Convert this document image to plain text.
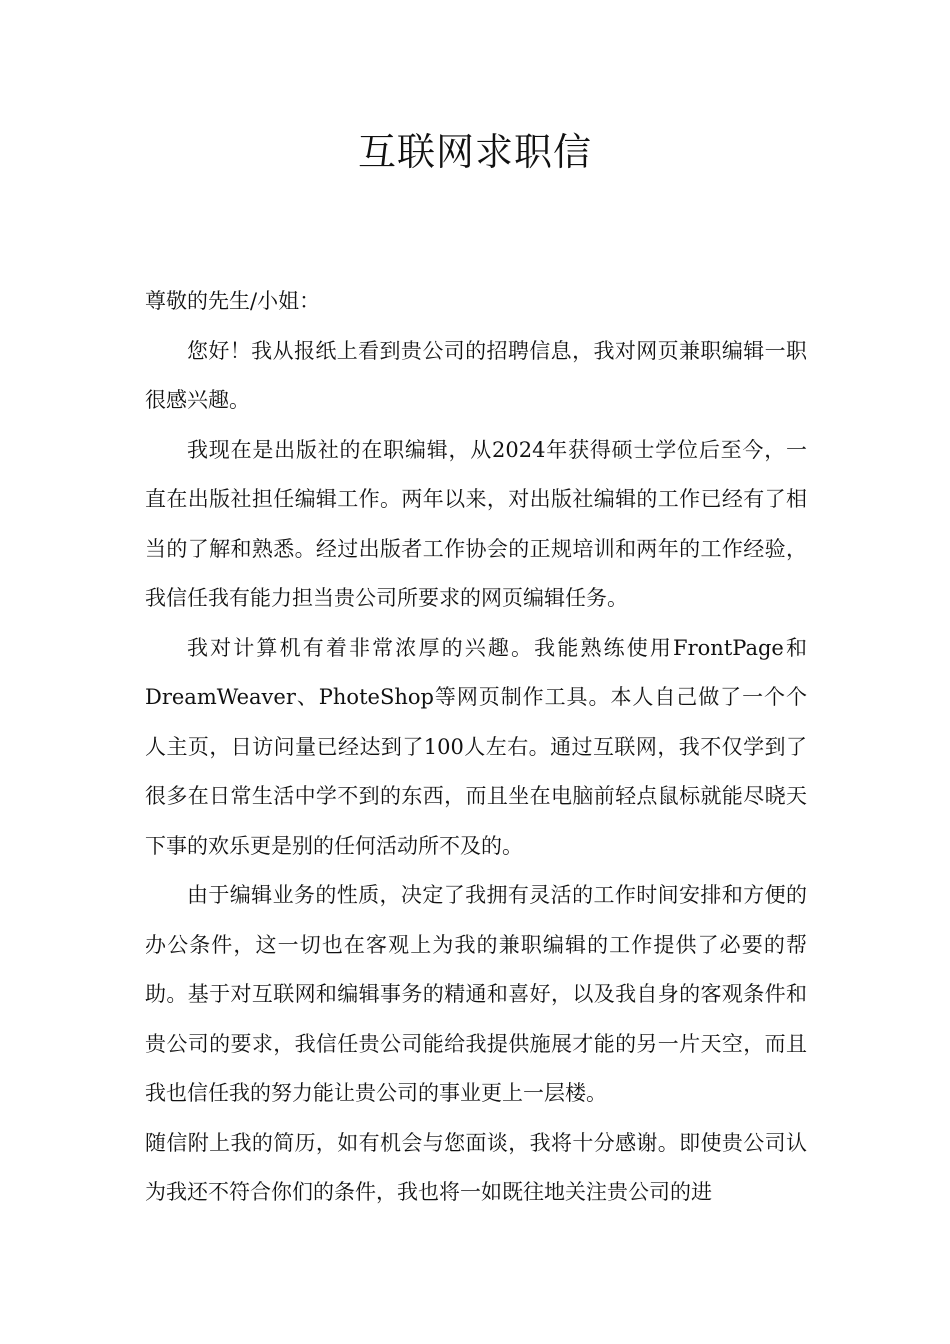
互联网求职信

尊敬的先生/小姐：

您好！我从报纸上看到贵公司的招聘信息，我对网页兼职编辑一职很感兴趣。

我现在是出版社的在职编辑，从2024年获得硕士学位后至今，一直在出版社担任编辑工作。两年以来，对出版社编辑的工作已经有了相当的了解和熟悉。经过出版者工作协会的正规培训和两年的工作经验，我信任我有能力担当贵公司所要求的网页编辑任务。

我对计算机有着非常浓厚的兴趣。我能熟练使用FrontPage和DreamWeaver、PhoteShop等网页制作工具。本人自己做了一个个人主页，日访问量已经达到了100人左右。通过互联网，我不仅学到了很多在日常生活中学不到的东西，而且坐在电脑前轻点鼠标就能尽晓天下事的欢乐更是别的任何活动所不及的。

由于编辑业务的性质，决定了我拥有灵活的工作时间安排和方便的办公条件，这一切也在客观上为我的兼职编辑的工作提供了必要的帮助。基于对互联网和编辑事务的精通和喜好，以及我自身的客观条件和贵公司的要求，我信任贵公司能给我提供施展才能的另一片天空，而且我也信任我的努力能让贵公司的事业更上一层楼。

随信附上我的简历，如有机会与您面谈，我将十分感谢。即使贵公司认为我还不符合你们的条件，我也将一如既往地关注贵公司的进
